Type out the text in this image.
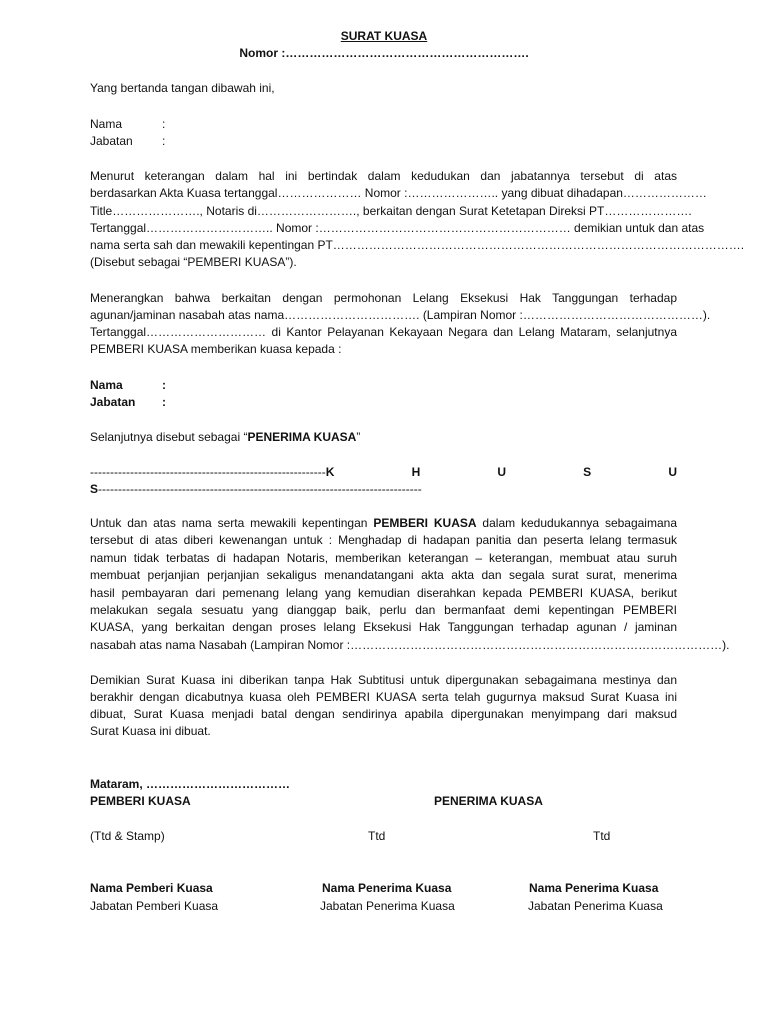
SURAT KUASA
Nomor :…………………………………………………….
Yang bertanda tangan dibawah ini,
Nama	:
Jabatan :
Menurut keterangan dalam hal ini bertindak dalam kedudukan dan jabatannya tersebut di atas
berdasarkan Akta Kuasa tertanggal………………… Nomor :………………….. yang dibuat dihadapan…………………
Title…………………., Notaris di……………………., berkaitan dengan Surat Ketetapan Direksi PT………………….
Tertanggal………………………….. Nomor :……………………………………………………… demikian untuk dan atas
nama serta sah dan mewakili kepentingan PT………………………………………………………………………………………….
(Disebut sebagai “PEMBERI KUASA”).
Menerangkan bahwa berkaitan dengan permohonan Lelang Eksekusi Hak Tanggungan terhadap
agunan/jaminan nasabah atas nama……………………………. (Lampiran Nomor :………………………………………).
Tertanggal………………………… di Kantor Pelayanan Kekayaan Negara dan Lelang Mataram, selanjutnya
PEMBERI KUASA memberikan kuasa kepada :
Nama	:
Jabatan :
Selanjutnya disebut sebagai “PENERIMA KUASA”
----------------------------------------------------------- K	H	U	S	U
S---------------------------------------------------------------------------------
Untuk dan atas nama serta mewakili kepentingan PEMBERI KUASA dalam kedudukannya sebagaimana
tersebut di atas diberi kewenangan untuk : Menghadap di hadapan panitia dan peserta lelang termasuk
namun tidak terbatas di hadapan Notaris, memberikan keterangan – keterangan, membuat atau suruh
membuat perjanjian perjanjian sekaligus menandatangani akta akta dan segala surat surat, menerima
hasil pembayaran dari pemenang lelang yang kemudian diserahkan kepada PEMBERI KUASA, berikut
melakukan segala sesuatu yang dianggap baik, perlu dan bermanfaat demi kepentingan PEMBERI
KUASA, yang berkaitan dengan proses lelang Eksekusi Hak Tanggungan terhadap agunan / jaminan
nasabah atas nama Nasabah (Lampiran Nomor :…………………………………………………………………………………).
Demikian Surat Kuasa ini diberikan tanpa Hak Subtitusi untuk dipergunakan sebagaimana mestinya dan
berakhir dengan dicabutnya kuasa oleh PEMBERI KUASA serta telah gugurnya maksud Surat Kuasa ini
dibuat, Surat Kuasa menjadi batal dengan sendirinya apabila dipergunakan menyimpang dari maksud
Surat Kuasa ini dibuat.
Mataram, ………………………………
PEMBERI KUASA	PENERIMA KUASA
(Ttd & Stamp)	Ttd	Ttd
Nama Pemberi Kuasa	Nama Penerima Kuasa	Nama Penerima Kuasa
Jabatan Pemberi Kuasa	Jabatan Penerima Kuasa	Jabatan Penerima Kuasa
